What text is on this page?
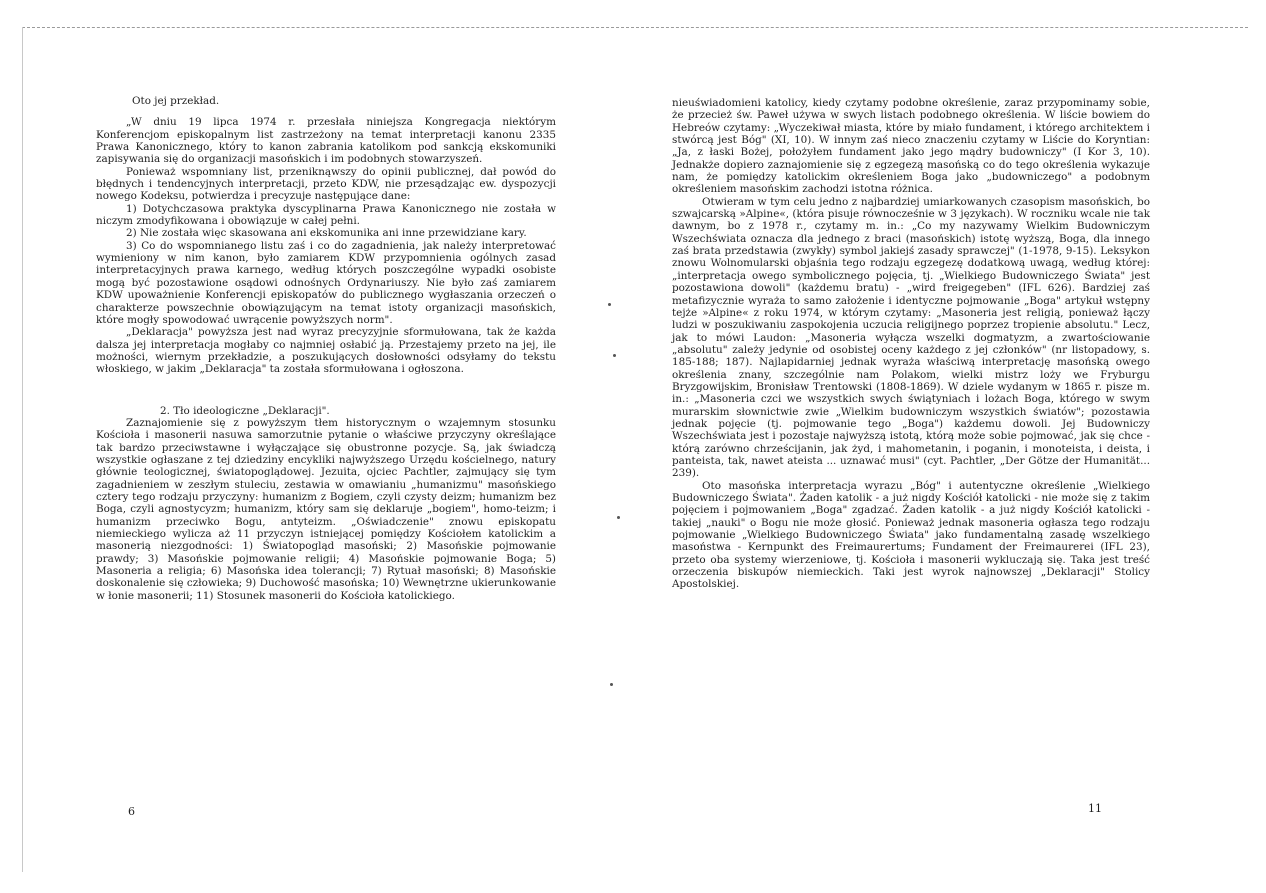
Oto jej przekład.

„W dniu 19 lipca 1974 r. przesłała niniejsza Kongregacja niektórym Konferencjom episkopalnym list zastrzeżony na temat interpretacji kanonu 2335 Prawa Kanonicznego, który to kanon zabrania katolikom pod sankcją ekskomuniki zapisywania się do organizacji masońskich i im podobnych stowarzyszeń.

Ponieważ wspomniany list, przeniknąwszy do opinii publicznej, dał powód do błędnych i tendencyjnych interpretacji, przeto KDW, nie przesądzając ew. dyspozycji nowego Kodeksu, potwierdza i precyzuje następujące dane:

1) Dotychczasowa praktyka dyscyplinarna Prawa Kanonicznego nie została w niczym zmodyfikowana i obowiązuje w całej pełni.

2) Nie została więc skasowana ani ekskomunika ani inne przewidziane kary.

3) Co do wspomnianego listu zaś i co do zagadnienia, jak należy interpretować wymieniony w nim kanon, było zamiarem KDW przypomnienia ogólnych zasad interpretacyjnych prawa karnego, według których poszczególne wypadki osobiste mogą być pozostawione osądowi odnośnych Ordynariuszy. Nie było zaś zamiarem KDW upoważnienie Konferencji episkopatów do publicznego wygłaszania orzeczeń o charakterze powszechnie obowiązującym na temat istoty organizacji masońskich, które mogły spowodować uwrącenie powyższych norm".

„Deklaracja" powyższa jest nad wyraz precyzyjnie sformułowana, tak że każda dalsza jej interpretacja mogłaby co najmniej osłabić ją. Przestajemy przeto na jej, ile możności, wiernym przekładzie, a poszukujących dosłowności odsyłamy do tekstu włoskiego, w jakim „Deklaracja" ta została sformułowana i ogłoszona.

2. Tło ideologiczne „Deklaracji".

Zaznajomienie się z powyższym tłem historycznym o wzajemnym stosunku Kościoła i masonerii nasuwa samorzutnie pytanie o właściwe przyczyny określające tak bardzo przeciwstawne i wyłączające się obustronne pozycje. Są, jak świadczą wszystkie ogłaszane z tej dziedziny encykliki najwyższego Urzędu kościelnego, natury głównie teologicznej, światopoglądowej. Jezuita, ojciec Pachtler, zajmujący się tym zagadnieniem w zeszłym stuleciu, zestawia w omawianiu „humanizmu" masońskiego cztery tego rodzaju przyczyny: humanizm z Bogiem, czyli czysty deizm; humanizm bez Boga, czyli agnostycyzm; humanizm, który sam się deklaruje „bogiem", homo-teizm; i humanizm przeciwko Bogu, antyteizm. „Oświadczenie" znowu episkopatu niemieckiego wylicza aż 11 przyczyn istniejącej pomiędzy Kościołem katolickim a masonerią niezgodności: 1) Światopogląd masoński; 2) Masońskie pojmowanie prawdy; 3) Masońskie pojmowanie religii; 4) Masońskie pojmowanie Boga; 5) Masoneria a religia; 6) Masońska idea tolerancji; 7) Rytuał masoński; 8) Masońskie doskonalenie się człowieka; 9) Duchowość masońska; 10) Wewnętrzne ukierunkowanie w łonie masonerii; 11) Stosunek masonerii do Kościoła katolickiego.

6

nieuświadomieni katolicy, kiedy czytamy podobne określenie, zaraz przypominamy sobie, że przecież św. Paweł używa w swych listach podobnego określenia. W liście bowiem do Hebreów czytamy: „Wyczekiwał miasta, które by miało fundament, i którego architektem i stwórcą jest Bóg" (XI, 10). W innym zaś nieco znaczeniu czytamy w Liście do Koryntian: „Ja, z łaski Bożej, położyłem fundament jako jego mądry budowniczy" (I Kor 3, 10). Jednakże dopiero zaznajomienie się z egzegezą masońską co do tego określenia wykazuje nam, że pomiędzy katolickim określeniem Boga jako „budowniczego" a podobnym określeniem masońskim zachodzi istotna różnica.

Otwieram w tym celu jedno z najbardziej umiarkowanych czasopism masońskich, bo szwajcarską »Alpine«, (która pisuje równocześnie w 3 językach). W roczniku wcale nie tak dawnym, bo z 1978 r., czytamy m. in.: „Co my nazywamy Wielkim Budowniczym Wszechświata oznacza dla jednego z braci (masońskich) istotę wyższą, Boga, dla innego zaś brata przedstawia (zwykły) symbol jakiejś zasady sprawczej" (1-1978, 9-15). Leksykon znowu Wolnomularski objaśnia tego rodzaju egzegezę dodatkową uwagą, według której: „interpretacja owego symbolicznego pojęcia, tj. „Wielkiego Budowniczego Świata" jest pozostawiona dowoli" (każdemu bratu) - „wird freigegeben" (IFL 626). Bardziej zaś metafizycznie wyraża to samo założenie i identyczne pojmowanie „Boga" artykuł wstępny tejże »Alpine« z roku 1974, w którym czytamy: „Masoneria jest religią, ponieważ łączy ludzi w poszukiwaniu zaspokojenia uczucia religijnego poprzez tropienie absolutu." Lecz, jak to mówi Laudon: „Masoneria wyłącza wszelki dogmatyzm, a zwartościowanie „absolutu" zależy jedynie od osobistej oceny każdego z jej członków" (nr listopadowy, s. 185-188; 187). Najlapidarniej jednak wyraża właściwą interpretację masońską owego określenia znany, szczególnie nam Polakom, wielki mistrz loży we Fryburgu Bryzgowijskim, Bronisław Trentowski (1808-1869). W dziele wydanym w 1865 r. pisze m. in.: „Masoneria czci we wszystkich swych świątyniach i lożach Boga, którego w swym murarskim słownictwie zwie „Wielkim budowniczym wszystkich światów"; pozostawia jednak pojęcie (tj. pojmowanie tego „Boga") każdemu dowoli. Jej Budowniczy Wszechświata jest i pozostaje najwyższą istotą, którą może sobie pojmować, jak się chce - którą zarówno chrześcijanin, jak żyd, i mahometanin, i poganin, i monoteista, i deista, i panteista, tak, nawet ateista ... uznawać musi" (cyt. Pachtler, „Der Götze der Humanität... 239).

Oto masońska interpretacja wyrazu „Bóg" i autentyczne określenie „Wielkiego Budowniczego Świata". Żaden katolik - a już nigdy Kościół katolicki - nie może się z takim pojęciem i pojmowaniem „Boga" zgadzać. Żaden katolik - a już nigdy Kościół katolicki - takiej „nauki" o Bogu nie może głosić. Ponieważ jednak masoneria ogłasza tego rodzaju pojmowanie „Wielkiego Budowniczego Świata" jako fundamentalną zasadę wszelkiego masoństwa - Kernpunkt des Freimaurertums; Fundament der Freimaurerei (IFL 23), przeto oba systemy wierzeniowe, tj. Kościoła i masonerii wykluczają się. Taka jest treść orzeczenia biskupów niemieckich. Taki jest wyrok najnowszej „Deklaracji" Stolicy Apostolskiej.

11
